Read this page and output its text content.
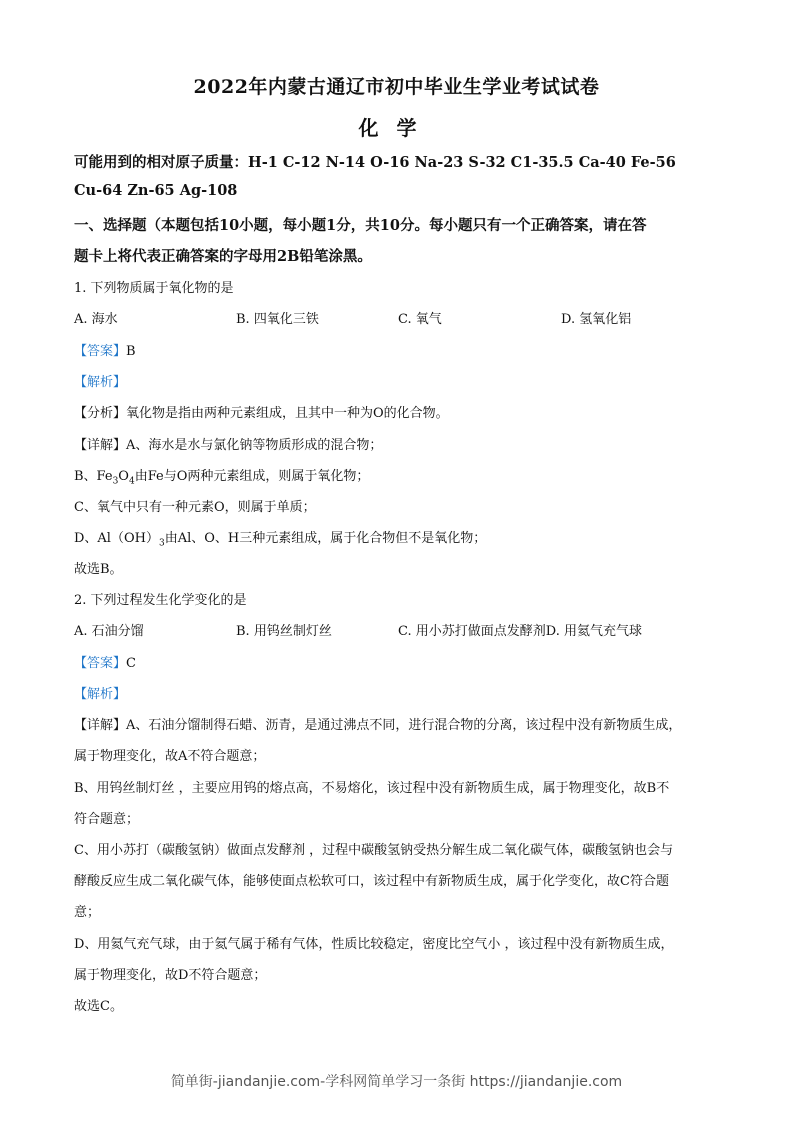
2022年内蒙古通辽市初中毕业生学业考试试卷
化学
可能用到的相对原子质量：H-1 C-12 N-14 O-16 Na-23 S-32 C1-35.5 Ca-40 Fe-56
Cu-64 Zn-65 Ag-108
一、选择题（本题包括10小题，每小题1分，共10分。每小题只有一个正确答案，请在答
题卡上将代表正确答案的字母用2B铅笔涂黑。
1. 下列物质属于氧化物的是
A. 海水	B. 四氧化三铁	C. 氧气	D. 氢氧化铝
【答案】B
【解析】
【分析】氧化物是指由两种元素组成，且其中一种为O的化合物。
【详解】A、海水是水与氯化钠等物质形成的混合物；
B、$Fe_3O_4$由Fe与O两种元素组成，则属于氧化物；
C、氧气中只有一种元素O，则属于单质；
D、$Al(OH)_3$由Al、O、H三种元素组成，属于化合物但不是氧化物；
故选B。
2. 下列过程发生化学变化的是
A. 石油分馏	B. 用钨丝制灯丝	C. 用小苏打做面点发酵剂D. 用氦气充气球
【答案】C
【解析】
【详解】A、石油分馏制得石蜡、沥青，是通过沸点不同，进行混合物的分离，该过程中没有新物质生成，
属于物理变化，故A不符合题意；
B、用钨丝制灯丝 ，主要应用钨的熔点高，不易熔化，该过程中没有新物质生成，属于物理变化，故B不
符合题意；
C、用小苏打（碳酸氢钠）做面点发酵剂 ，过程中碳酸氢钠受热分解生成二氧化碳气体，碳酸氢钠也会与
酵酸反应生成二氧化碳气体，能够使面点松软可口，该过程中有新物质生成，属于化学变化，故C符合题
意；
D、用氦气充气球，由于氦气属于稀有气体，性质比较稳定，密度比空气小 ，该过程中没有新物质生成，
属于物理变化，故D不符合题意；
故选C。
简单街-jiandanjie.com-学科网简单学习一条街 https://jiandanjie.com
